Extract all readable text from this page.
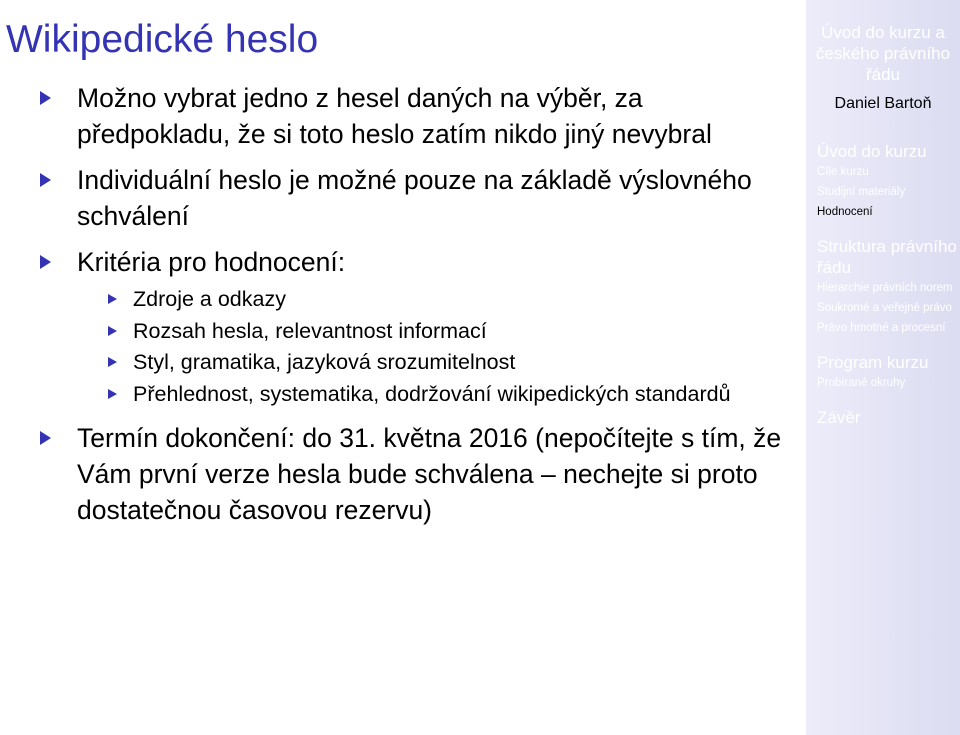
Wikipedické heslo
Možno vybrat jedno z hesel daných na výběr, za předpokladu, že si toto heslo zatím nikdo jiný nevybral
Individuální heslo je možné pouze na základě výslovného schválení
Kritéria pro hodnocení:
Zdroje a odkazy
Rozsah hesla, relevantnost informací
Styl, gramatika, jazyková srozumitelnost
Přehlednost, systematika, dodržování wikipedických standardů
Termín dokončení: do 31. května 2016 (nepočítejte s tím, že Vám první verze hesla bude schválena – nechejte si proto dostatečnou časovou rezervu)
Úvod do kurzu a českého právního řádu
Daniel Bartoň
Úvod do kurzu
Cíle kurzu
Studijní materiály
Hodnocení
Struktura právního řádu
Hierarchie právních norem
Soukromé a veřejné právo
Právo hmotné a procesní
Program kurzu
Probírané okruhy
Závěr
